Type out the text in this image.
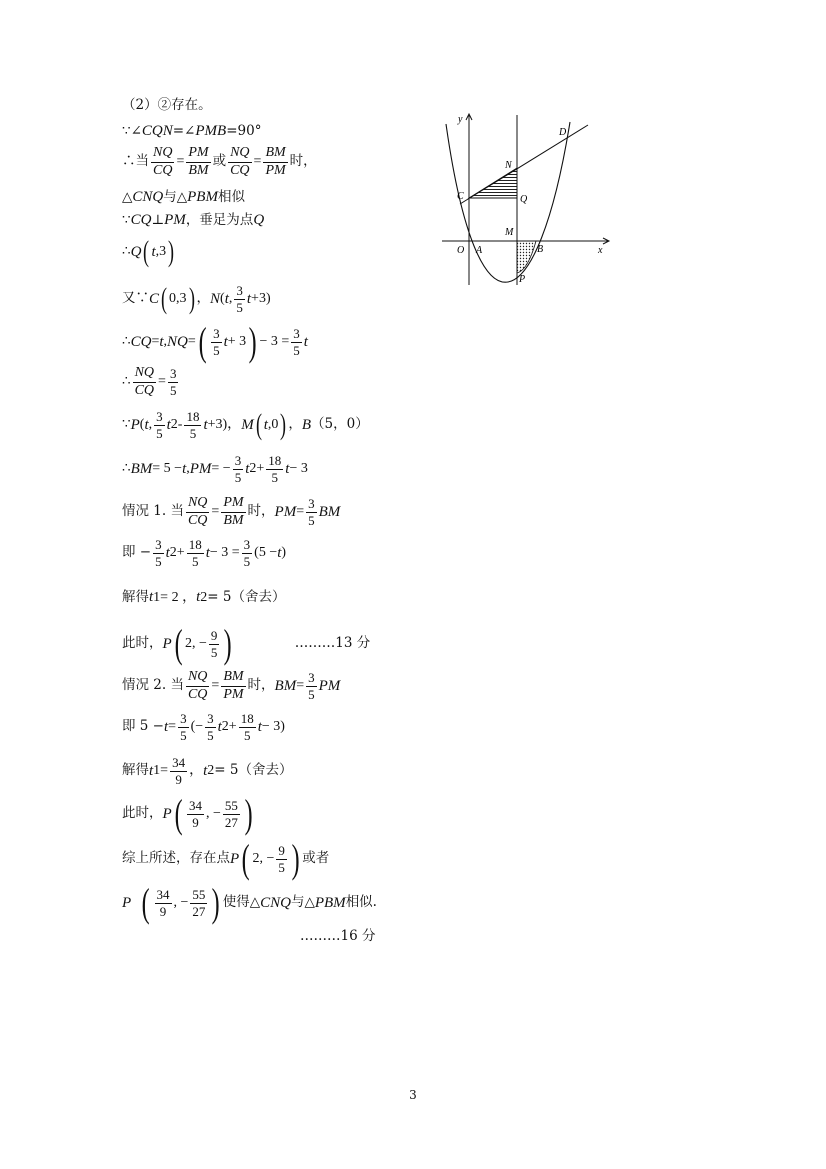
（2）②存在。
∵∠ CQN =∠ PMB =90°
∴当 $\frac{NQ}{CQ} = \frac{PM}{BM}$ 或 $\frac{NQ}{CQ} = \frac{BM}{PM}$ 时，
△ CNQ 与△ PBM 相似
∵ CQ ⊥ PM ，垂足为点 Q
∴ Q ( t ,3 )
又∵ C ( 0,3 ) ， N ( t , $\frac{3}{5}$ t +3)
∴ CQ = t , NQ = ( $\frac{3}{5}$ t + 3 ) − $3 = \frac{3}{5}$ t
∴ $\frac{NQ}{CQ} = \frac{3}{5}$
∵ P ( t , $\frac{3}{5}$ t $2 - \frac{18}{5}$ t +3)， M ( t ,0 ) ， B （5，0）
∴ BM = 5 − t , PM = − $\frac{3}{5}$ t $2 + \frac{18}{5}$ t − 3
情况 1. 当 $\frac{NQ}{CQ} = \frac{PM}{BM}$ 时， PM = $\frac{3}{5}$ BM
即 − $\frac{3}{5}$ t $2 + \frac{18}{5}$ $t - 3 = \frac{3}{5} (5 - t$ )
解得 t 1 = 2 ， t 2 = 5（舍去）
此时， P ( 2, − $\frac{9}{5}$ )	………13 分
情况 2. 当 $\frac{NQ}{CQ} = \frac{BM}{PM}$ 时， BM = $\frac{3}{5}$ PM
即 $5 - t = \frac{3}{5}$ (− $\frac{3}{5}$ t $2 + \frac{18}{5}$ t − 3)
解得 t $1 = \frac{34}{9}$ ， t 2 = 5（舍去）
此时， P ( $\frac{34}{9}$ , − $\frac{55}{27}$ )
综上所述，存在点 P ( 2, − $\frac{9}{5}$ ) 或者
P ( $\frac{34}{9}$ , − $\frac{55}{27}$ ) 使得△ CNQ 与△ PBM 相似.
………16 分
y
x
O A	B
C
D
N
Q
M
P
3
